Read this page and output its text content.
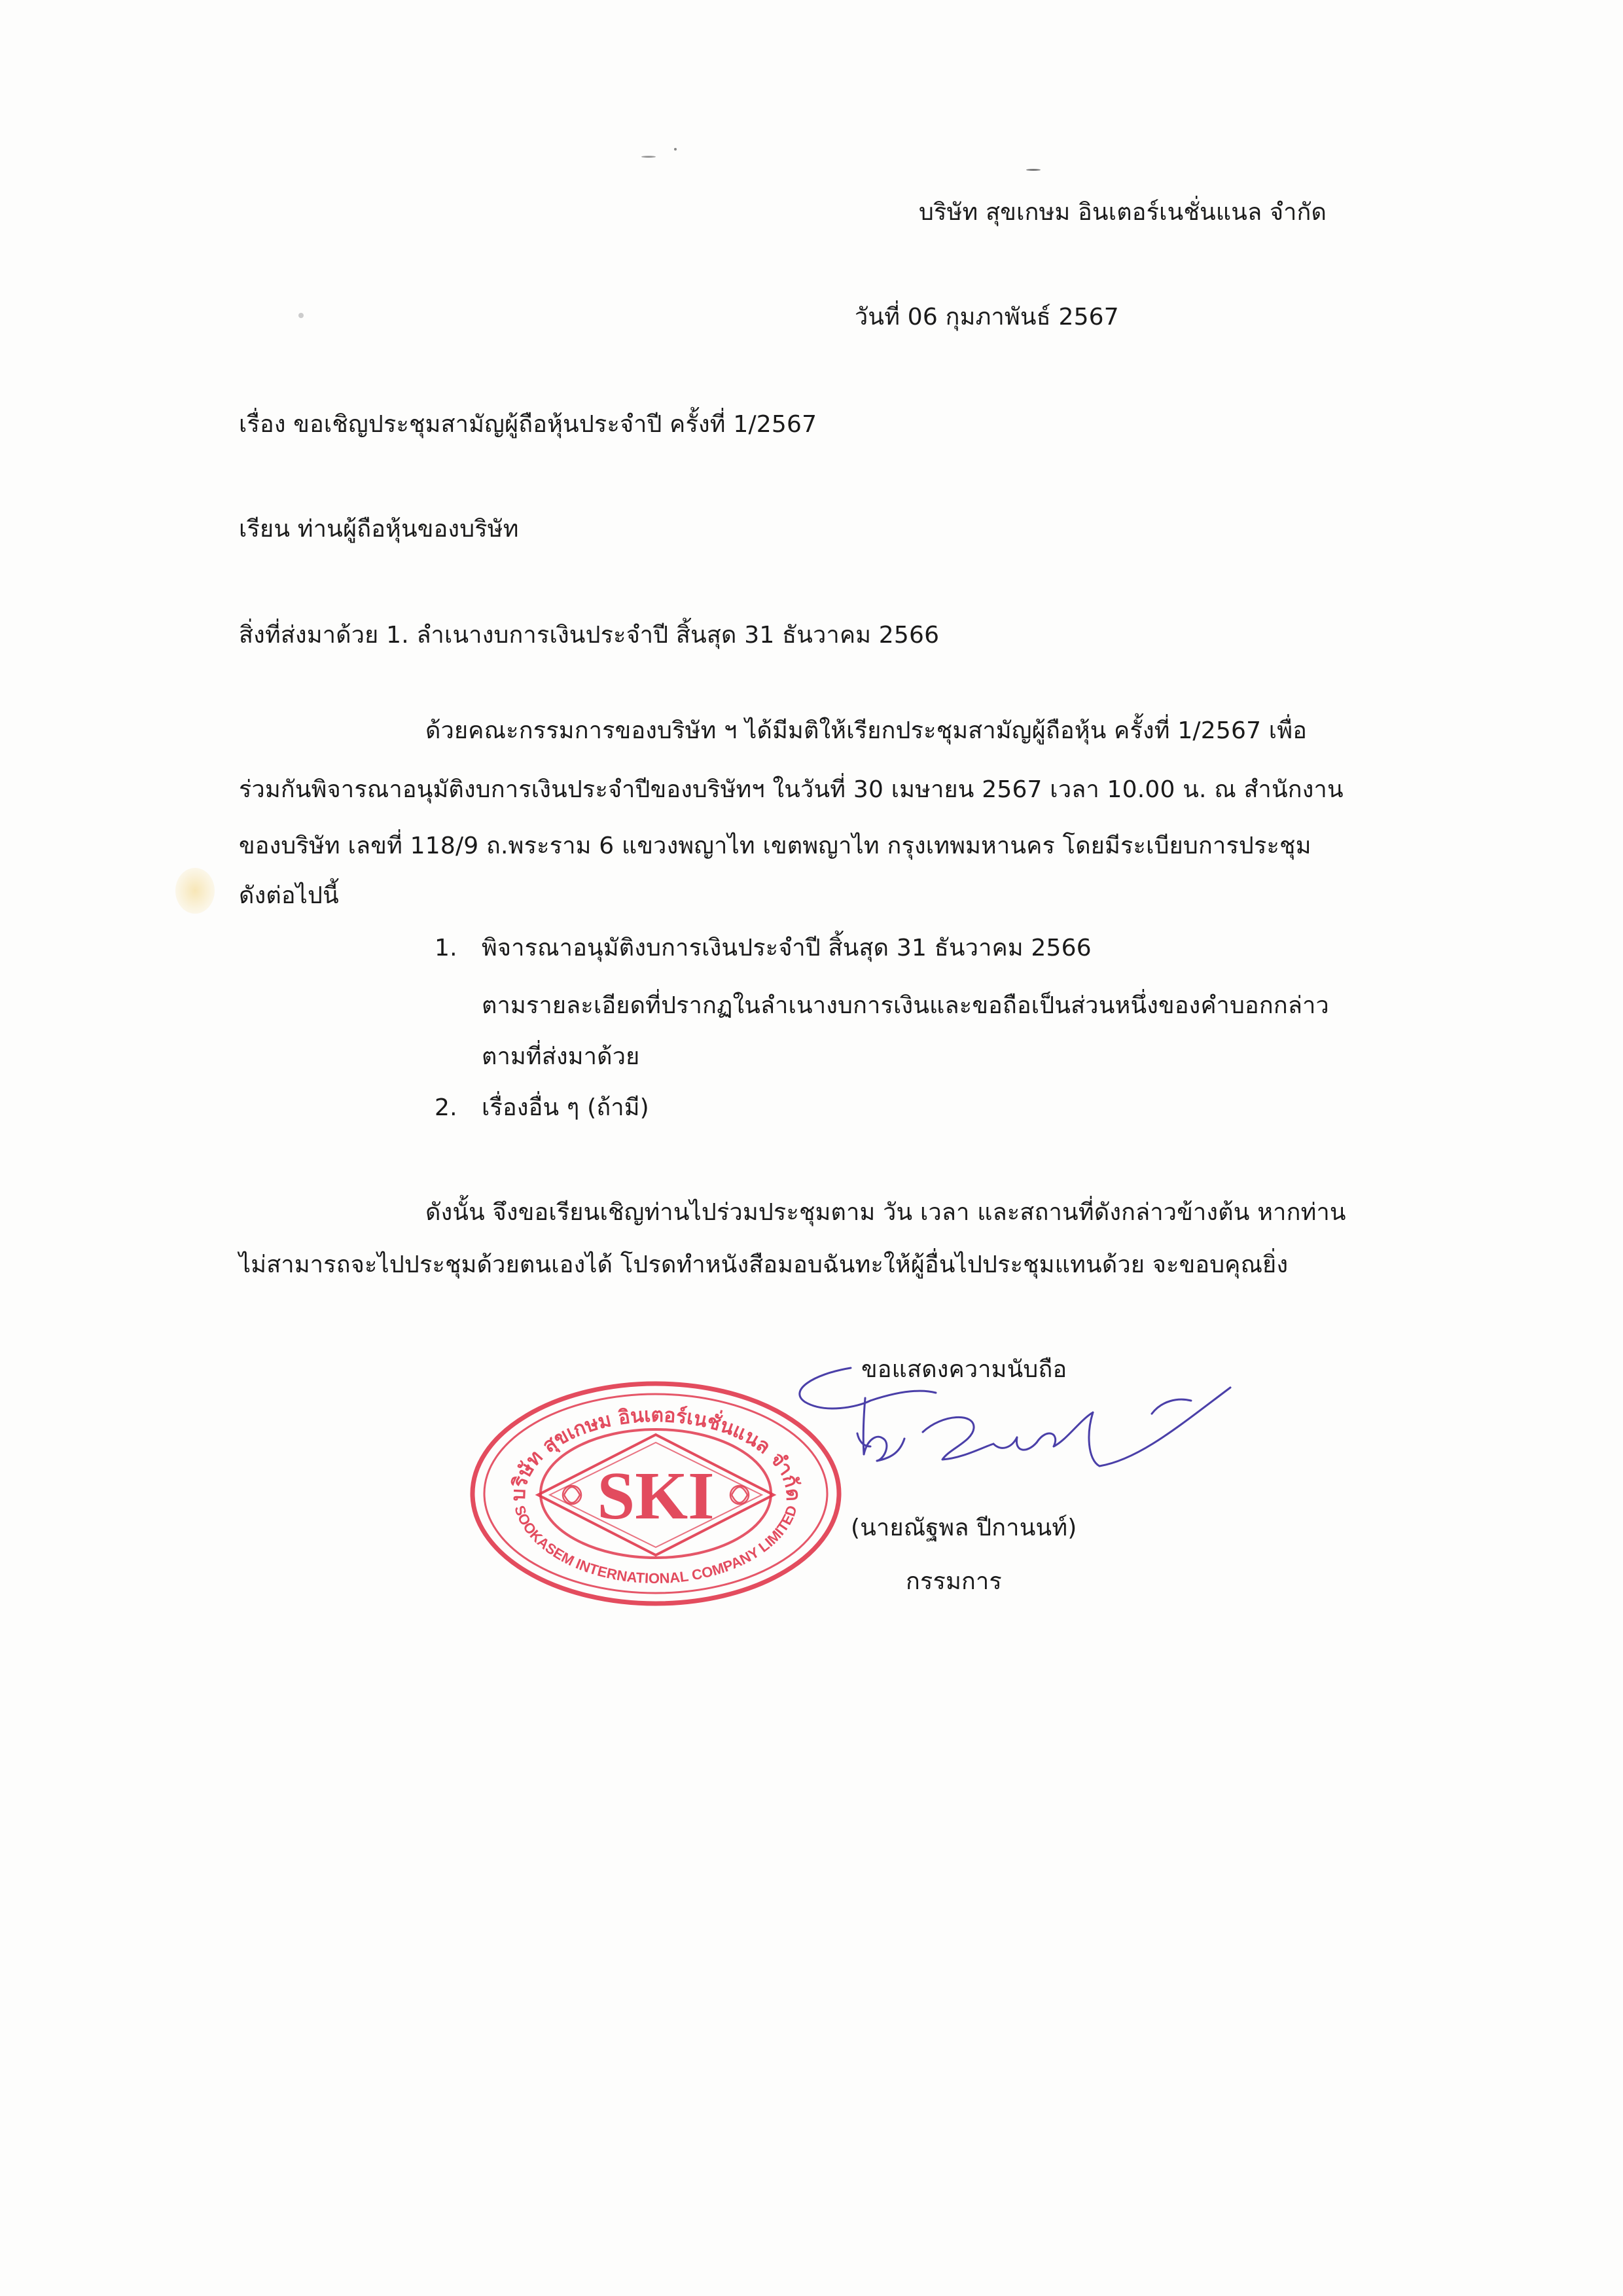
บริษัท สุขเกษม อินเตอร์เนชั่นแนล จำกัด
วันที่ 06 กุมภาพันธ์ 2567
เรื่อง ขอเชิญประชุมสามัญผู้ถือหุ้นประจำปี ครั้งที่ 1/2567
เรียน ท่านผู้ถือหุ้นของบริษัท
สิ่งที่ส่งมาด้วย 1. ลำเนางบการเงินประจำปี สิ้นสุด 31 ธันวาคม 2566
ด้วยคณะกรรมการของบริษัท ฯ ได้มีมติให้เรียกประชุมสามัญผู้ถือหุ้น ครั้งที่ 1/2567 เพื่อ
ร่วมกันพิจารณาอนุมัติงบการเงินประจำปีของบริษัทฯ ในวันที่ 30 เมษายน 2567 เวลา 10.00 น. ณ สำนักงาน
ของบริษัท เลขที่ 118/9 ถ.พระราม 6 แขวงพญาไท เขตพญาไท กรุงเทพมหานคร โดยมีระเบียบการประชุม
ดังต่อไปนี้
1. พิจารณาอนุมัติงบการเงินประจำปี สิ้นสุด 31 ธันวาคม 2566
ตามรายละเอียดที่ปรากฏในลำเนางบการเงินและขอถือเป็นส่วนหนึ่งของคำบอกกล่าว
ตามที่ส่งมาด้วย
2. เรื่องอื่น ๆ (ถ้ามี)
ดังนั้น จึงขอเรียนเชิญท่านไปร่วมประชุมตาม วัน เวลา และสถานที่ดังกล่าวข้างต้น หากท่าน
ไม่สามารถจะไปประชุมด้วยตนเองได้ โปรดทำหนังสือมอบฉันทะให้ผู้อื่นไปประชุมแทนด้วย จะขอบคุณยิ่ง
ขอแสดงความนับถือ
(นายณัฐพล ปีกานนท์)
กรรมการ
บริษัท สุขเกษม อินเตอร์เนชั่นแนล จำกัด
SOOKASEM INTERNATIONAL COMPANY LIMITED
SKI
